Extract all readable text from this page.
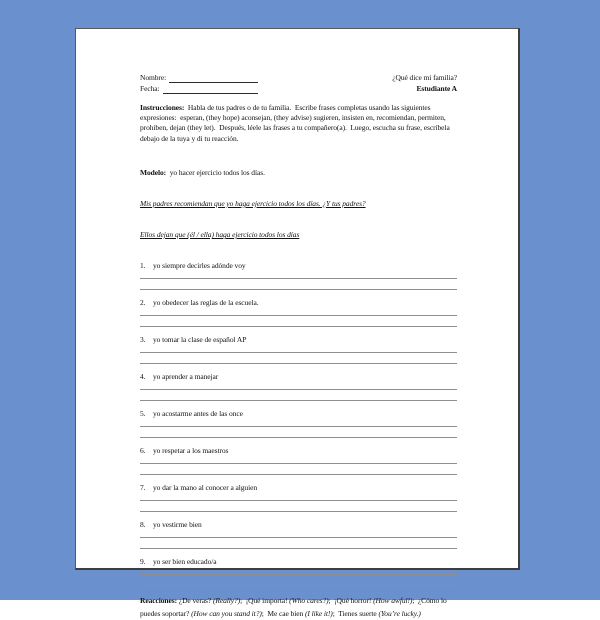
Nombre:
Fecha:
¿Qué dice mi familia?
Estudiante A

Instrucciones:  Habla de tus padres o de tu familia.  Escribe frases completas usando las siguientes expresiones:  esperan, (they hope) aconsejan, (they advise) sugieren, insisten en, recomiendan, permiten, prohiben, dejan (they let).  Después, léele las frases a tu compañero(a).  Luego, escucha su frase, escríbela debajo de la tuya y di tu reacción.

Modelo:  yo hacer ejercicio todos los días.

Mis padres recomiendan que yo haga ejercicio todos los días. ¿Y tus padres?

Ellos dejan que (él / ella) haga ejercicio todos los días

1. yo siempre decirles adónde voy
2. yo obedecer las reglas de la escuela.
3. yo tomar la clase de español AP
4. yo aprender a manejar
5. yo acostarme antes de las once
6. yo respetar a los maestros
7. yo dar la mano al conocer a alguien
8. yo vestirme bien
9. yo ser bien educado/a

Reacciones: ¿De veras? (Really?);  ¡Qué importa! (Who cares?);  ¡Qué horror! (How awful!);  ¿Cómo lo puedes soportar? (How can you stand it?);  Me cae bien (I like it!);  Tienes suerte (You’re lucky.)
